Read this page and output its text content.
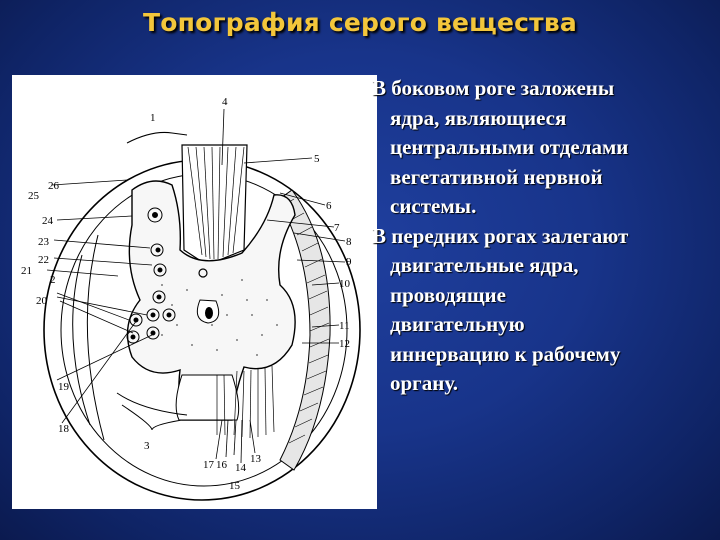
Топография серого вещества
4
1
5
6
7
8
9
10
11
12
13
14
15
16
17
3
18
19
20
21
22
23
24
25
26
2
В боковом роге заложены
ядра, являющиеся
центральными отделами
вегетативной нервной
системы.
В передних рогах залегают
двигательные ядра,
проводящие
двигательную
иннервацию к рабочему
органу.
